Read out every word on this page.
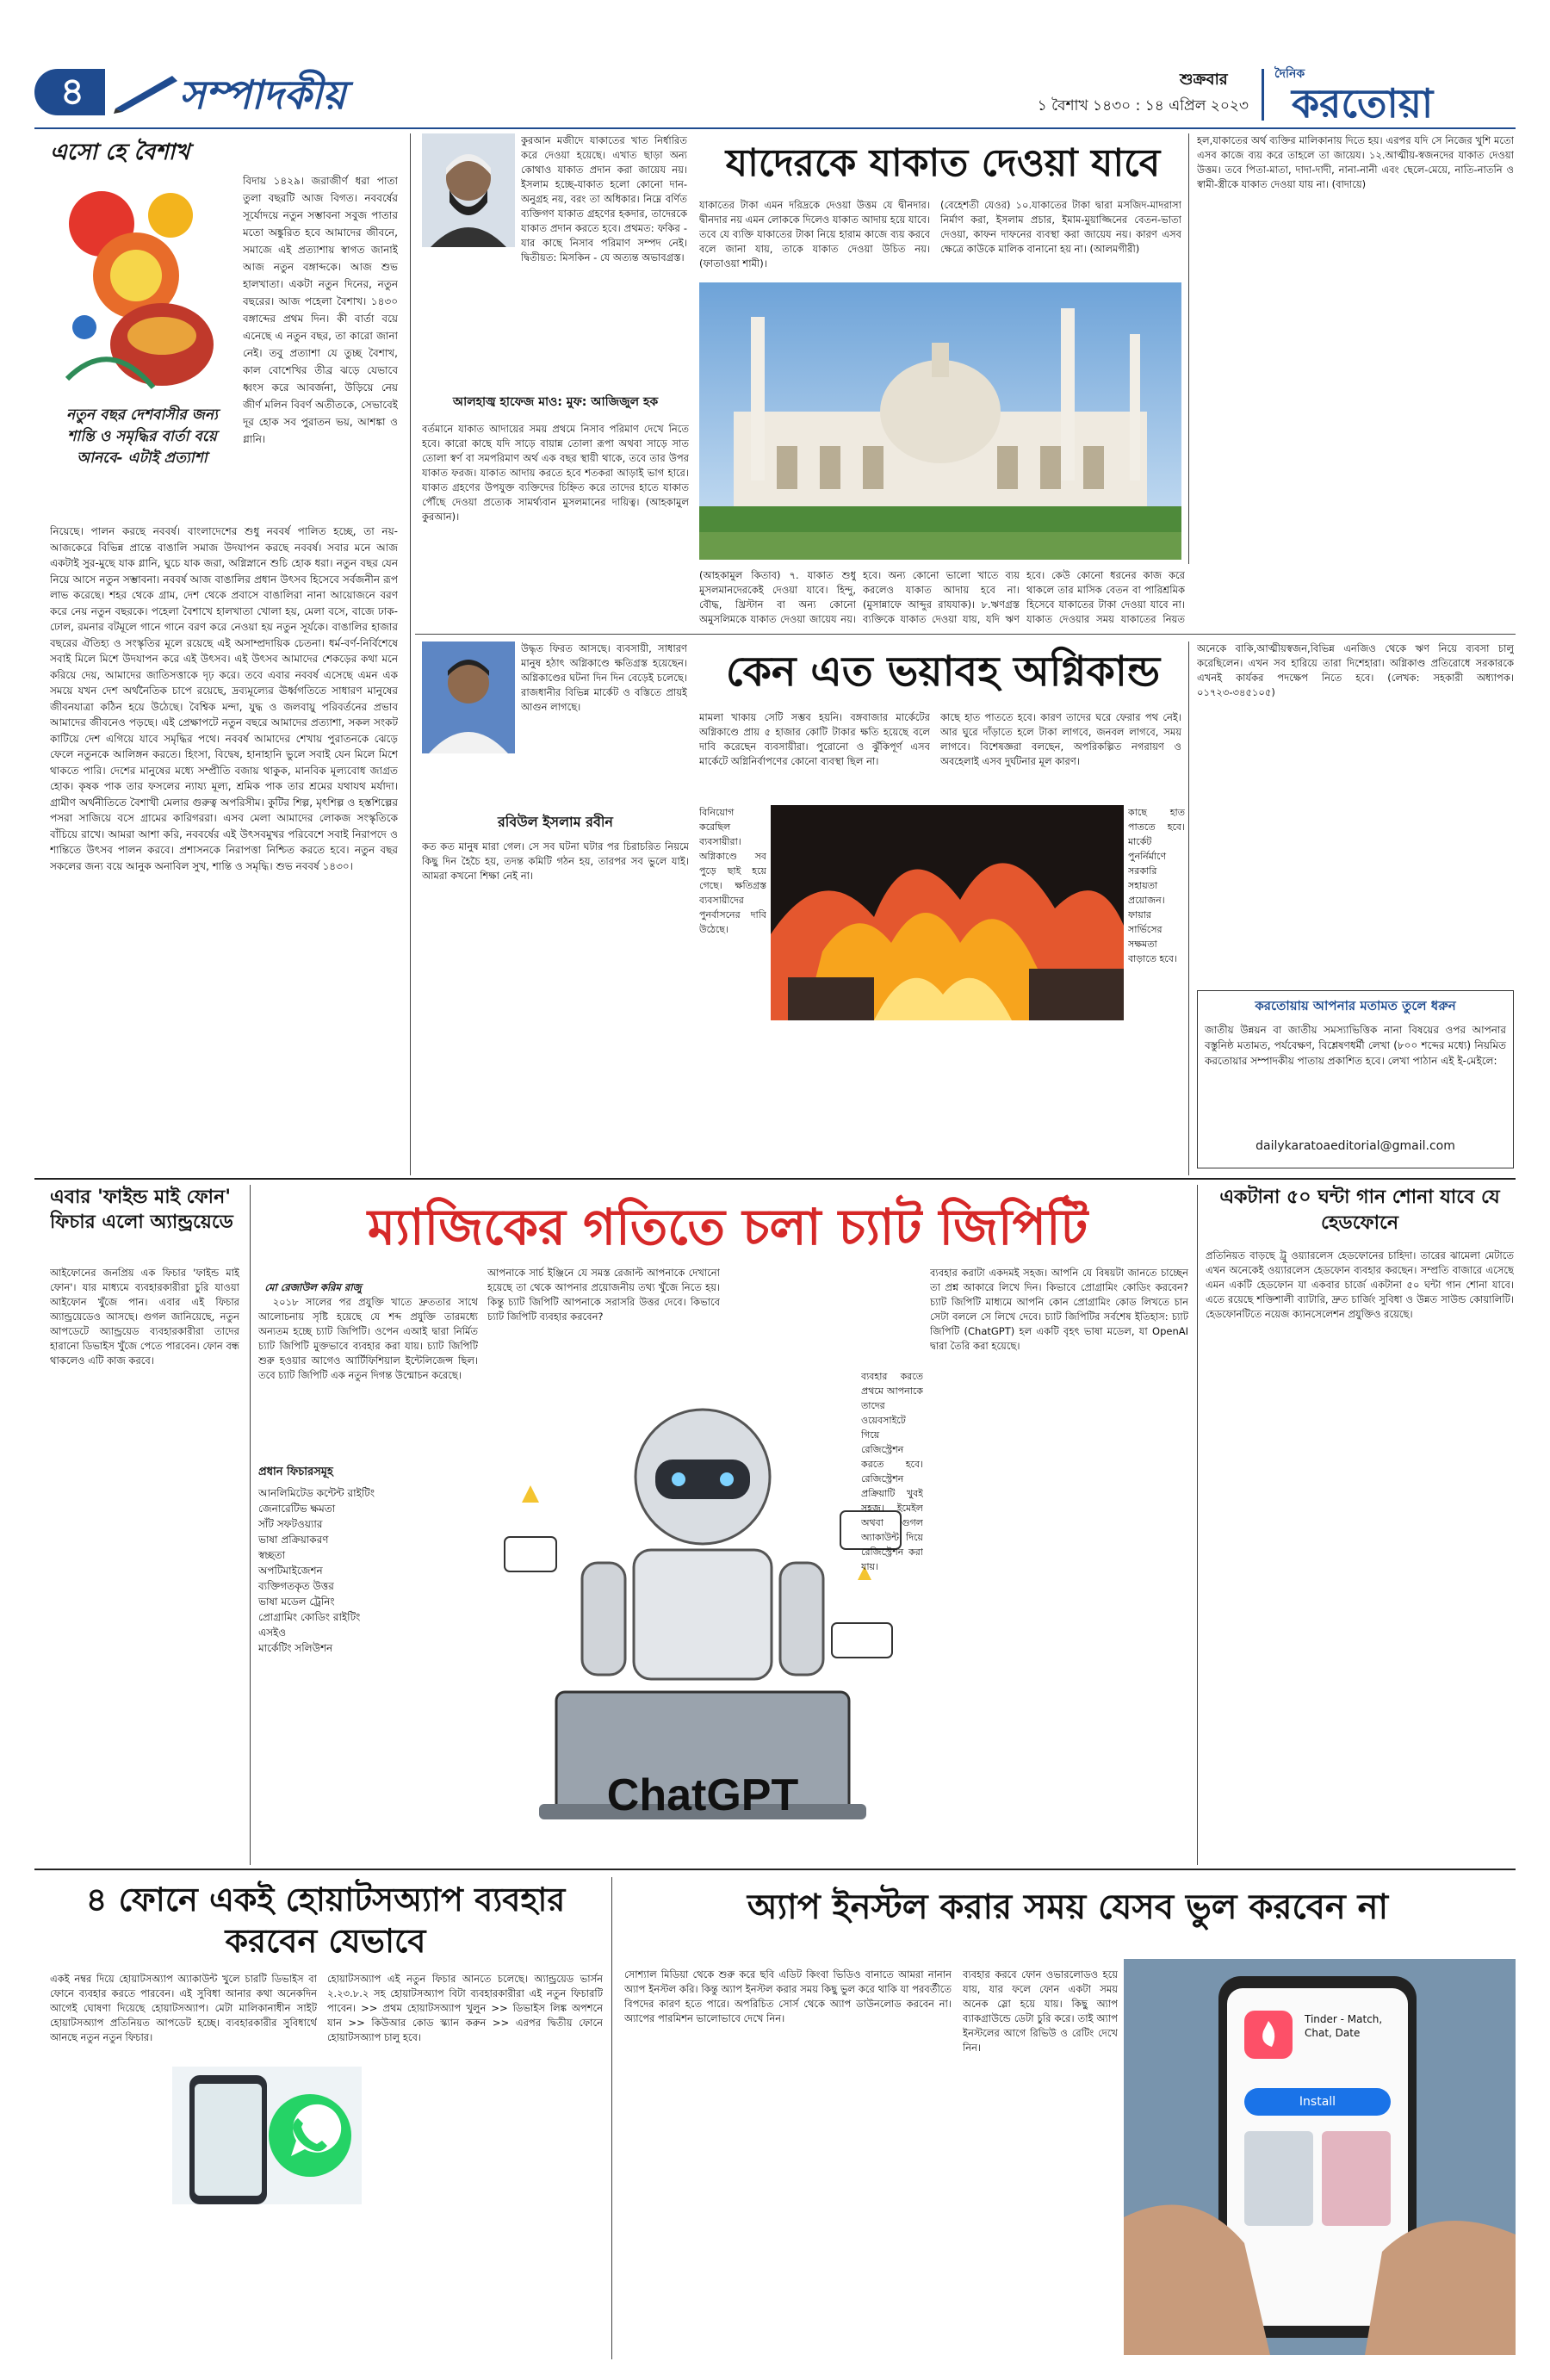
৪	সম্পাদকীয়	শুক্রবার
১ বৈশাখ ১৪৩০ : ১৪ এপ্রিল ২০২৩
দৈনিক
করতোয়া
এসো হে বৈশাখ
নতুন বছর দেশবাসীর জন্য শান্তি ও সমৃদ্ধির বার্তা বয়ে আনবে- এটাই প্রত্যাশা
বিদায় ১৪২৯। জরাজীর্ণ ধরা পাতা তুলা বছরটি আজ বিগত। নববর্ষের সূর্যোদয়ে নতুন সম্ভাবনা সবুজ পাতার মতো অঙ্কুরিত হবে আমাদের জীবনে, সমাজে এই প্রত্যাশায় স্বাগত জানাই আজ নতুন বঙ্গাব্দকে। আজ শুভ হালখাতা। একটা নতুন দিনের, নতুন বছরের। আজ পহেলা বৈশাখ। ১৪৩০ বঙ্গাব্দের প্রথম দিন। কী বার্তা বয়ে এনেছে এ নতুন বছর, তা কারো জানা নেই। তবু প্রত্যাশা যে তুচ্ছ বৈশাখ, কাল বোশেখির তীব্র ঝড়ে যেভাবে ধ্বংস করে আবর্জনা, উড়িয়ে নেয় জীর্ণ মলিন বিবর্ণ অতীতকে, সেভাবেই দূর হোক সব পুরাতন ভয়, আশঙ্কা ও গ্লানি।
নিয়েছে। পালন করছে নববর্ষ। বাংলাদেশের শুধু নববর্ষ পালিত হচ্ছে, তা নয়-আজকেরে বিভিন্ন প্রান্তে বাঙালি সমাজ উদযাপন করছে নববর্ষ। সবার মনে আজ একটাই সুর-মুছে যাক গ্লানি, ঘুচে যাক জরা, অগ্নিস্নানে শুচি হোক ধরা। নতুন বছর যেন নিয়ে আসে নতুন সম্ভাবনা। নববর্ষ আজ বাঙালির প্রধান উৎসব হিসেবে সর্বজনীন রূপ লাভ করেছে। শহর থেকে গ্রাম, দেশ থেকে প্রবাসে বাঙালিরা নানা আয়োজনে বরণ করে নেয় নতুন বছরকে। পহেলা বৈশাখে হালখাতা খোলা হয়, মেলা বসে, বাজে ঢাক-ঢোল, রমনার বটমূলে গানে গানে বরণ করে নেওয়া হয় নতুন সূর্যকে। বাঙালির হাজার বছরের ঐতিহ্য ও সংস্কৃতির মূলে রয়েছে এই অসাম্প্রদায়িক চেতনা। ধর্ম-বর্ণ-নির্বিশেষে সবাই মিলে মিশে উদযাপন করে এই উৎসব। এই উৎসব আমাদের শেকড়ের কথা মনে করিয়ে দেয়, আমাদের জাতিসত্তাকে দৃঢ় করে। তবে এবার নববর্ষ এসেছে এমন এক সময়ে যখন দেশ অর্থনৈতিক চাপে রয়েছে, দ্রব্যমূল্যের ঊর্ধ্বগতিতে সাধারণ মানুষের জীবনযাত্রা কঠিন হয়ে উঠেছে। বৈশ্বিক মন্দা, যুদ্ধ ও জলবায়ু পরিবর্তনের প্রভাব আমাদের জীবনেও পড়ছে। এই প্রেক্ষাপটে নতুন বছরে আমাদের প্রত্যাশা, সকল সংকট কাটিয়ে দেশ এগিয়ে যাবে সমৃদ্ধির পথে। নববর্ষ আমাদের শেখায় পুরাতনকে ঝেড়ে ফেলে নতুনকে আলিঙ্গন করতে। হিংসা, বিদ্বেষ, হানাহানি ভুলে সবাই যেন মিলে মিশে থাকতে পারি। দেশের মানুষের মধ্যে সম্প্রীতি বজায় থাকুক, মানবিক মূল্যবোধ জাগ্রত হোক। কৃষক পাক তার ফসলের ন্যায্য মূল্য, শ্রমিক পাক তার শ্রমের যথাযথ মর্যাদা। গ্রামীণ অর্থনীতিতে বৈশাখী মেলার গুরুত্ব অপরিসীম। কুটির শিল্প, মৃৎশিল্প ও হস্তশিল্পের পসরা সাজিয়ে বসে গ্রামের কারিগররা। এসব মেলা আমাদের লোকজ সংস্কৃতিকে বাঁচিয়ে রাখে। আমরা আশা করি, নববর্ষের এই উৎসবমুখর পরিবেশে সবাই নিরাপদে ও শান্তিতে উৎসব পালন করবে। প্রশাসনকে নিরাপত্তা নিশ্চিত করতে হবে। নতুন বছর সকলের জন্য বয়ে আনুক অনাবিল সুখ, শান্তি ও সমৃদ্ধি। শুভ নববর্ষ ১৪৩০।
কুরআন মজীদে যাকাতের খাত নির্ধারিত করে দেওয়া হয়েছে। এখাত ছাড়া অন্য কোথাও যাকাত প্রদান করা জায়েয নয়। ইসলাম হচ্ছে-যাকাত হলো কোনো দান-অনুগ্রহ নয়, বরং তা অধিকার। নিম্নে বর্ণিত ব্যক্তিগণ যাকাত গ্রহণের হকদার, তাদেরকে যাকাত প্রদান করতে হবে। প্রথমত: ফকির - যার কাছে নিসাব পরিমাণ সম্পদ নেই। দ্বিতীয়ত: মিসকিন - যে অত্যন্ত অভাবগ্রস্ত।
আলহাজ্ব হাফেজ মাও: মুফ: আজিজুল হক
যাদেরকে যাকাত দেওয়া যাবে
বর্তমানে যাকাত আদায়ের সময় প্রথমে নিসাব পরিমাণ দেখে নিতে হবে। কারো কাছে যদি সাড়ে বায়ান্ন তোলা রূপা অথবা সাড়ে সাত তোলা স্বর্ণ বা সমপরিমাণ অর্থ এক বছর স্থায়ী থাকে, তবে তার উপর যাকাত ফরজ। যাকাত আদায় করতে হবে শতকরা আড়াই ভাগ হারে। যাকাত গ্রহণের উপযুক্ত ব্যক্তিদের চিহ্নিত করে তাদের হাতে যাকাত পৌঁছে দেওয়া প্রত্যেক সামর্থ্যবান মুসলমানের দায়িত্ব। (আহকামুল কুরআন)।
যাকাতের টাকা এমন দরিদ্রকে দেওয়া উত্তম যে দ্বীনদার। দ্বীনদার নয় এমন লোককে দিলেও যাকাত আদায় হয়ে যাবে। তবে যে ব্যক্তি যাকাতের টাকা নিয়ে হারাম কাজে ব্যয় করবে বলে জানা যায়, তাকে যাকাত দেওয়া উচিত নয়। (ফাতাওয়া শামী)।
(বেহেশতী যেওর) ১০.যাকাতের টাকা দ্বারা মসজিদ-মাদরাসা নির্মাণ করা, ইসলাম প্রচার, ইমাম-মুয়াজ্জিনের বেতন-ভাতা দেওয়া, কাফন দাফনের ব্যবস্থা করা জায়েয নয়। কারণ এসব ক্ষেত্রে কাউকে মালিক বানানো হয় না। (আলমগীরী)
হল,যাকাতের অর্থ ব্যক্তির মালিকানায় দিতে হয়। এরপর যদি সে নিজের খুশি মতো এসব কাজে ব্যয় করে তাহলে তা জায়েয। ১২.আত্মীয়-স্বজনদের যাকাত দেওয়া উত্তম। তবে পিতা-মাতা, দাদা-দাদী, নানা-নানী এবং ছেলে-মেয়ে, নাতি-নাতনি ও স্বামী-স্ত্রীকে যাকাত দেওয়া যায় না। (বাদায়ে)
(আহকামুল কিতাব) ৭. যাকাত শুধু মুসলমানদেরকেই দেওয়া যাবে। হিন্দু, বৌদ্ধ, খ্রিস্টান বা অন্য কোনো অমুসলিমকে যাকাত দেওয়া জায়েয নয়।
হবে। অন্য কোনো ভালো খাতে ব্যয় করলেও যাকাত আদায় হবে না। (মুসান্নাফে আব্দুর রাযযাক)। ৮.ঋণগ্রস্ত ব্যক্তিকে যাকাত দেওয়া যায়, যদি ঋণ
হবে। কেউ কোনো ধরনের কাজ করে থাকলে তার মাসিক বেতন বা পারিশ্রমিক হিসেবে যাকাতের টাকা দেওয়া যাবে না। যাকাত দেওয়ার সময় যাকাতের নিয়ত
উদ্ধৃত ফিরত আসছে। ব্যবসায়ী, সাধারণ মানুষ হঠাৎ অগ্নিকাণ্ডে ক্ষতিগ্রস্ত হয়েছেন। অগ্নিকাণ্ডের ঘটনা দিন দিন বেড়েই চলেছে। রাজধানীর বিভিন্ন মার্কেট ও বস্তিতে প্রায়ই আগুন লাগছে।
রবিউল ইসলাম রবীন
কেন এত ভয়াবহ অগ্নিকান্ড
কত কত মানুষ মারা গেল। সে সব ঘটনা ঘটার পর চিরাচরিত নিয়মে কিছু দিন হৈচৈ হয়, তদন্ত কমিটি গঠন হয়, তারপর সব ভুলে যাই। আমরা কখনো শিক্ষা নেই না।
মামলা খাকায় সেটি সম্ভব হয়নি। বঙ্গবাজার মার্কেটের অগ্নিকাণ্ডে প্রায় ৫ হাজার কোটি টাকার ক্ষতি হয়েছে বলে দাবি করেছেন ব্যবসায়ীরা। পুরোনো ও ঝুঁকিপূর্ণ এসব মার্কেটে অগ্নিনির্বাপণের কোনো ব্যবস্থা ছিল না।
কাছে হাত পাততে হবে। কারণ তাদের ঘরে ফেরার পথ নেই। আর ঘুরে দাঁড়াতে হলে টাকা লাগবে, জনবল লাগবে, সময় লাগবে। বিশেষজ্ঞরা বলছেন, অপরিকল্পিত নগরায়ণ ও অবহেলাই এসব দুর্ঘটনার মূল কারণ।
বিনিয়োগ করেছিল ব্যবসায়ীরা। অগ্নিকাণ্ডে সব পুড়ে ছাই হয়ে গেছে। ক্ষতিগ্রস্ত ব্যবসায়ীদের পুনর্বাসনের দাবি উঠেছে।
কাছে হাত পাততে হবে। মার্কেট পুনর্নির্মাণে সরকারি সহায়তা প্রয়োজন। ফায়ার সার্ভিসের সক্ষমতা বাড়াতে হবে।
অনেকে বাকি,আত্মীয়স্বজন,বিভিন্ন এনজিও থেকে ঋণ নিয়ে ব্যবসা চালু করেছিলেন। এখন সব হারিয়ে তারা দিশেহারা। অগ্নিকাণ্ড প্রতিরোধে সরকারকে এখনই কার্যকর পদক্ষেপ নিতে হবে। (লেখক: সহকারী অধ্যাপক। ০১৭২৩-৩৪৫১০৫)
করতোয়ায় আপনার মতামত তুলে ধরুন
জাতীয় উন্নয়ন বা জাতীয় সমস্যাভিত্তিক নানা বিষয়ের ওপর আপনার বস্তুনিষ্ঠ মতামত, পর্যবেক্ষণ, বিশ্লেষণধর্মী লেখা (৮০০ শব্দের মধ্যে) নিয়মিত করতোয়ার সম্পাদকীয় পাতায় প্রকাশিত হবে। লেখা পাঠান এই ই-মেইলে:
dailykaratoaeditorial@gmail.com
এবার 'ফাইন্ড মাই ফোন' ফিচার এলো অ্যান্ড্রয়েডে
আইফোনের জনপ্রিয় এক ফিচার 'ফাইন্ড মাই ফোন'। যার মাধ্যমে ব্যবহারকারীরা চুরি যাওয়া আইফোন খুঁজে পান। এবার এই ফিচার অ্যান্ড্রয়েডেও আসছে। গুগল জানিয়েছে, নতুন আপডেটে অ্যান্ড্রয়েড ব্যবহারকারীরা তাদের হারানো ডিভাইস খুঁজে পেতে পারবেন। ফোন বন্ধ থাকলেও এটি কাজ করবে।
ম্যাজিকের গতিতে চলা চ্যাট জিপিটি

মো রেজাউল করিম রাজু
২০১৮ সালের পর প্রযুক্তি খাতে দ্রুততার সাথে আলোচনায় সৃষ্টি হয়েছে যে শব্দ প্রযুক্তি তারমধ্যে অন্যতম হচ্ছে চ্যাট জিপিটি। ওপেন এআই দ্বারা নির্মিত চ্যাট জিপিটি মুক্তভাবে ব্যবহার করা যায়। চ্যাট জিপিটি শুরু হওয়ার আগেও আর্টিফিশিয়াল ইন্টেলিজেন্স ছিল। তবে চ্যাট জিপিটি এক নতুন দিগন্ত উন্মোচন করেছে।

প্রধান ফিচারসমূহ
আনলিমিটেড কন্টেন্ট রাইটিং
জেনারেটিভ ক্ষমতা
সাঁট সফটওয়্যার
ভাষা প্রক্রিয়াকরণ
স্বচ্ছতা
অপটিমাইজেশন
ব্যক্তিগতকৃত উত্তর
ভাষা মডেল ট্রেনিং
প্রোগ্রামিং কোডিং রাইটিং
এসইও
মার্কেটিং সলিউশন
আপনাকে সার্চ ইঞ্জিনে যে সমস্ত রেজাল্ট আপনাকে দেখানো হয়েছে তা থেকে আপনার প্রয়োজনীয় তথ্য খুঁজে নিতে হয়। কিন্তু চ্যাট জিপিটি আপনাকে সরাসরি উত্তর দেবে। কিভাবে চ্যাট জিপিটি ব্যবহার করবেন?
ChatGPT
ব্যবহার করতে প্রথমে আপনাকে তাদের ওয়েবসাইটে গিয়ে রেজিস্ট্রেশন করতে হবে। রেজিস্ট্রেশন প্রক্রিয়াটি খুবই সহজ। ইমেইল অথবা গুগল অ্যাকাউন্ট দিয়ে রেজিস্ট্রেশন করা যায়।
ব্যবহার করাটা একদমই সহজ। আপনি যে বিষয়টা জানতে চাচ্ছেন তা প্রশ্ন আকারে লিখে দিন। কিভাবে প্রোগ্রামিং কোডিং করবেন? চ্যাট জিপিটি মাধ্যমে আপনি কোন প্রোগ্রামিং কোড লিখতে চান সেটা বললে সে লিখে দেবে। চ্যাট জিপিটির সর্বশেষ ইতিহাস: চ্যাট জিপিটি (ChatGPT) হল একটি বৃহৎ ভাষা মডেল, যা OpenAI দ্বারা তৈরি করা হয়েছে।
একটানা ৫০ ঘন্টা গান শোনা যাবে যে হেডফোনে
প্রতিনিয়ত বাড়ছে ট্রু ওয়্যারলেস হেডফোনের চাহিদা। তারের ঝামেলা মেটাতে এখন অনেকেই ওয়্যারলেস হেডফোন ব্যবহার করছেন। সম্প্রতি বাজারে এসেছে এমন একটি হেডফোন যা একবার চার্জে একটানা ৫০ ঘন্টা গান শোনা যাবে। এতে রয়েছে শক্তিশালী ব্যাটারি, দ্রুত চার্জিং সুবিধা ও উন্নত সাউন্ড কোয়ালিটি। হেডফোনটিতে নয়েজ ক্যানসেলেশন প্রযুক্তিও রয়েছে।
৪ ফোনে একই হোয়াটসঅ্যাপ ব্যবহার করবেন যেভাবে
একই নম্বর দিয়ে হোয়াটসঅ্যাপ অ্যাকাউন্ট খুলে চারটি ডিভাইস বা ফোনে ব্যবহার করতে পারবেন। এই সুবিধা আনার কথা অনেকদিন আগেই ঘোষণা দিয়েছে হোয়াটসঅ্যাপ। মেটা মালিকানাধীন সাইট হোয়াটসঅ্যাপ প্রতিনিয়ত আপডেট হচ্ছে। ব্যবহারকারীর সুবিধার্থে আনছে নতুন নতুন ফিচার।
হোয়াটসঅ্যাপ এই নতুন ফিচার আনতে চলেছে। অ্যান্ড্রয়েড ভার্সন ২.২৩.৮.২ সহ হোয়াটসঅ্যাপ বিটা ব্যবহারকারীরা এই নতুন ফিচারটি পাবেন। >> প্রথম হোয়াটসঅ্যাপ খুলুন >> ডিভাইস লিঙ্ক অপশনে যান >> কিউআর কোড স্ক্যান করুন >> এরপর দ্বিতীয় ফোনে হোয়াটসঅ্যাপ চালু হবে।
অ্যাপ ইনস্টল করার সময় যেসব ভুল করবেন না
সোশ্যাল মিডিয়া থেকে শুরু করে ছবি এডিট কিংবা ভিডিও বানাতে আমরা নানান অ্যাপ ইনস্টল করি। কিন্তু অ্যাপ ইনস্টল করার সময় কিছু ভুল করে থাকি যা পরবর্তীতে বিপদের কারণ হতে পারে। অপরিচিত সোর্স থেকে অ্যাপ ডাউনলোড করবেন না। অ্যাপের পারমিশন ভালোভাবে দেখে নিন।
ব্যবহার করবে ফোন ওভারলোডও হয়ে যায়, যার ফলে ফোন একটা সময় অনেক স্লো হয়ে যায়। কিছু অ্যাপ ব্যাকগ্রাউন্ডে ডেটা চুরি করে। তাই অ্যাপ ইনস্টলের আগে রিভিউ ও রেটিং দেখে নিন।
Tinder - Match, Chat, Date
Install
